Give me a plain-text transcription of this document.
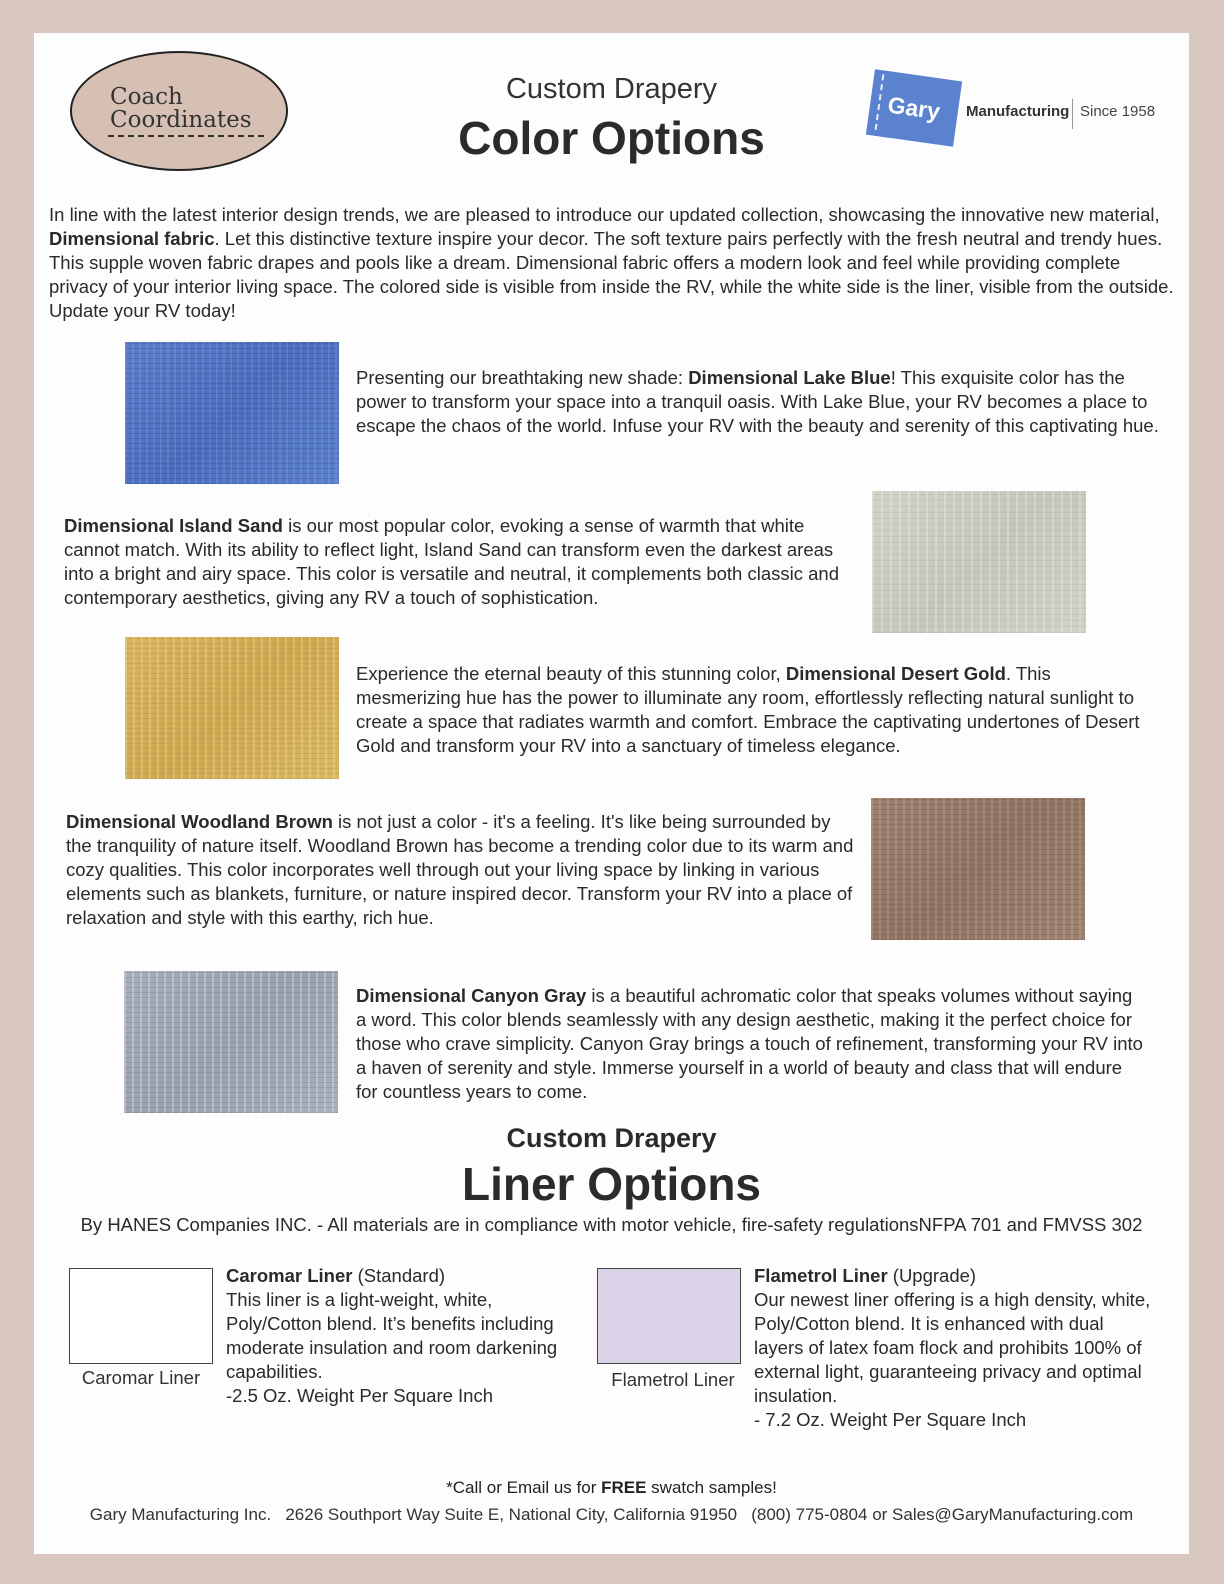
Coach
Coordinates
Custom Drapery
Color Options
Gary Manufacturing Since 1958

In line with the latest interior design trends, we are pleased to introduce our updated collection, showcasing the innovative new material, Dimensional fabric. Let this distinctive texture inspire your decor. The soft texture pairs perfectly with the fresh neutral and trendy hues. This supple woven fabric drapes and pools like a dream. Dimensional fabric offers a modern look and feel while providing complete privacy of your interior living space. The colored side is visible from inside the RV, while the white side is the liner, visible from the outside. Update your RV today!

Presenting our breathtaking new shade: Dimensional Lake Blue! This exquisite color has the power to transform your space into a tranquil oasis. With Lake Blue, your RV becomes a place to escape the chaos of the world. Infuse your RV with the beauty and serenity of this captivating hue.

Dimensional Island Sand is our most popular color, evoking a sense of warmth that white cannot match. With its ability to reflect light, Island Sand can transform even the darkest areas into a bright and airy space. This color is versatile and neutral, it complements both classic and contemporary aesthetics, giving any RV a touch of sophistication.

Experience the eternal beauty of this stunning color, Dimensional Desert Gold. This mesmerizing hue has the power to illuminate any room, effortlessly reflecting natural sunlight to create a space that radiates warmth and comfort. Embrace the captivating undertones of Desert Gold and transform your RV into a sanctuary of timeless elegance.

Dimensional Woodland Brown is not just a color - it's a feeling. It's like being surrounded by the tranquility of nature itself. Woodland Brown has become a trending color due to its warm and cozy qualities. This color incorporates well through out your living space by linking in various elements such as blankets, furniture, or nature inspired decor. Transform your RV into a place of relaxation and style with this earthy, rich hue.

Dimensional Canyon Gray is a beautiful achromatic color that speaks volumes without saying a word. This color blends seamlessly with any design aesthetic, making it the perfect choice for those who crave simplicity. Canyon Gray brings a touch of refinement, transforming your RV into a haven of serenity and style. Immerse yourself in a world of beauty and class that will endure for countless years to come.

Custom Drapery
Liner Options
By HANES Companies INC. - All materials are in compliance with motor vehicle, fire-safety regulationsNFPA 701 and FMVSS 302
Caromar Liner
Caromar Liner (Standard)
This liner is a light-weight, white, Poly/Cotton blend. It’s benefits including moderate insulation and room darkening capabilities.
-2.5 Oz. Weight Per Square Inch
Flametrol Liner
Flametrol Liner (Upgrade)
Our newest liner offering is a high density, white, Poly/Cotton blend. It is enhanced with dual layers of latex foam flock and prohibits 100% of external light, guaranteeing privacy and optimal insulation.
- 7.2 Oz. Weight Per Square Inch
*Call or Email us for FREE swatch samples!
Gary Manufacturing Inc.   2626 Southport Way Suite E, National City, California 91950   (800) 775-0804 or Sales@GaryManufacturing.com
